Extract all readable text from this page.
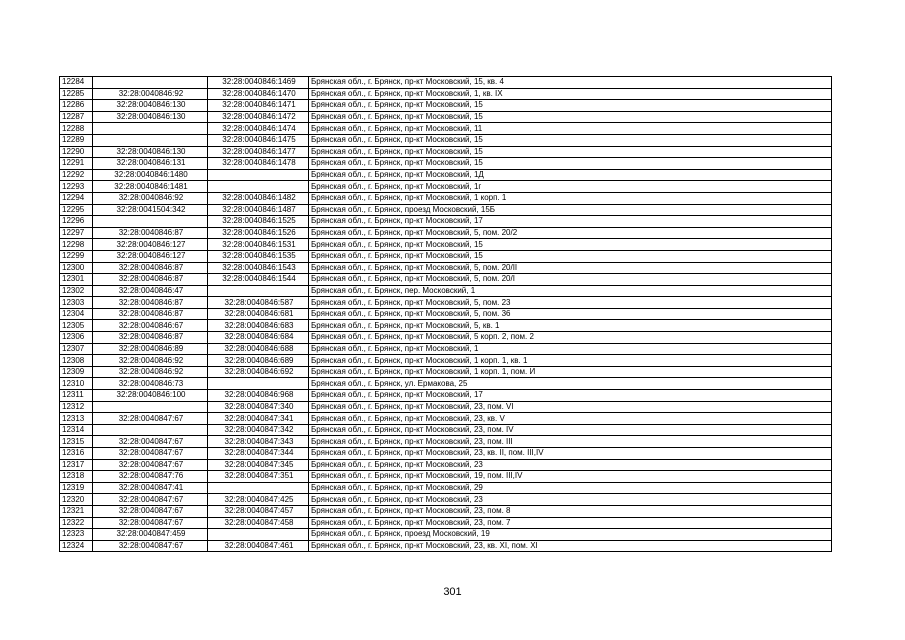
12284		32:28:0040846:1469	Брянская обл., г. Брянск, пр-кт Московский, 15, кв. 4
12285	32:28:0040846:92	32:28:0040846:1470	Брянская обл., г. Брянск, пр-кт Московский, 1, кв. IX
12286	32:28:0040846:130	32:28:0040846:1471	Брянская обл., г. Брянск, пр-кт Московский, 15
12287	32:28:0040846:130	32:28:0040846:1472	Брянская обл., г. Брянск, пр-кт Московский, 15
12288		32:28:0040846:1474	Брянская обл., г. Брянск, пр-кт Московский, 11
12289		32:28:0040846:1475	Брянская обл., г. Брянск, пр-кт Московский, 15
12290	32:28:0040846:130	32:28:0040846:1477	Брянская обл., г. Брянск, пр-кт Московский, 15
12291	32:28:0040846:131	32:28:0040846:1478	Брянская обл., г. Брянск, пр-кт Московский, 15
12292	32:28:0040846:1480		Брянская обл., г. Брянск, пр-кт Московский, 1Д
12293	32:28:0040846:1481		Брянская обл., г. Брянск, пр-кт Московский, 1г
12294	32:28:0040846:92	32:28:0040846:1482	Брянская обл., г. Брянск, пр-кт Московский, 1 корп. 1
12295	32:28:0041504:342	32:28:0040846:1487	Брянская обл., г. Брянск, проезд Московский, 15Б
12296		32:28:0040846:1525	Брянская обл., г. Брянск, пр-кт Московский, 17
12297	32:28:0040846:87	32:28:0040846:1526	Брянская обл., г. Брянск, пр-кт Московский, 5, пом. 20/2
12298	32:28:0040846:127	32:28:0040846:1531	Брянская обл., г. Брянск, пр-кт Московский, 15
12299	32:28:0040846:127	32:28:0040846:1535	Брянская обл., г. Брянск, пр-кт Московский, 15
12300	32:28:0040846:87	32:28:0040846:1543	Брянская обл., г. Брянск, пр-кт Московский, 5, пом. 20/II
12301	32:28:0040846:87	32:28:0040846:1544	Брянская обл., г. Брянск, пр-кт Московский, 5, пом. 20/I
12302	32:28:0040846:47		Брянская обл., г. Брянск, пер. Московский, 1
12303	32:28:0040846:87	32:28:0040846:587	Брянская обл., г. Брянск, пр-кт Московский, 5, пом. 23
12304	32:28:0040846:87	32:28:0040846:681	Брянская обл., г. Брянск, пр-кт Московский, 5, пом. 36
12305	32:28:0040846:67	32:28:0040846:683	Брянская обл., г. Брянск, пр-кт Московский, 5, кв. 1
12306	32:28:0040846:87	32:28:0040846:684	Брянская обл., г. Брянск, пр-кт Московский, 5 корп. 2, пом. 2
12307	32:28:0040846:89	32:28:0040846:688	Брянская обл., г. Брянск, пр-кт Московский, 1
12308	32:28:0040846:92	32:28:0040846:689	Брянская обл., г. Брянск, пр-кт Московский, 1 корп. 1, кв. 1
12309	32:28:0040846:92	32:28:0040846:692	Брянская обл., г. Брянск, пр-кт Московский, 1 корп. 1, пом. И
12310	32:28:0040846:73		Брянская обл., г. Брянск, ул. Ермакова, 25
12311	32:28:0040846:100	32:28:0040846:968	Брянская обл., г. Брянск, пр-кт Московский, 17
12312		32:28:0040847:340	Брянская обл., г. Брянск, пр-кт Московский, 23, пом. VI
12313	32:28:0040847:67	32:28:0040847:341	Брянская обл., г. Брянск, пр-кт Московский, 23, кв. V
12314		32:28:0040847:342	Брянская обл., г. Брянск, пр-кт Московский, 23, пом. IV
12315	32:28:0040847:67	32:28:0040847:343	Брянская обл., г. Брянск, пр-кт Московский, 23, пом. III
12316	32:28:0040847:67	32:28:0040847:344	Брянская обл., г. Брянск, пр-кт Московский, 23, кв. II, пом. III,IV
12317	32:28:0040847:67	32:28:0040847:345	Брянская обл., г. Брянск, пр-кт Московский, 23
12318	32:28:0040847:76	32:28:0040847:351	Брянская обл., г. Брянск, пр-кт Московский, 19, пом. III,IV
12319	32:28:0040847:41		Брянская обл., г. Брянск, пр-кт Московский, 29
12320	32:28:0040847:67	32:28:0040847:425	Брянская обл., г. Брянск, пр-кт Московский, 23
12321	32:28:0040847:67	32:28:0040847:457	Брянская обл., г. Брянск, пр-кт Московский, 23, пом. 8
12322	32:28:0040847:67	32:28:0040847:458	Брянская обл., г. Брянск, пр-кт Московский, 23, пом. 7
12323	32:28:0040847:459		Брянская обл., г. Брянск, проезд Московский, 19
12324	32:28:0040847:67	32:28:0040847:461	Брянская обл., г. Брянск, пр-кт Московский, 23, кв. XI, пом. XI
301
